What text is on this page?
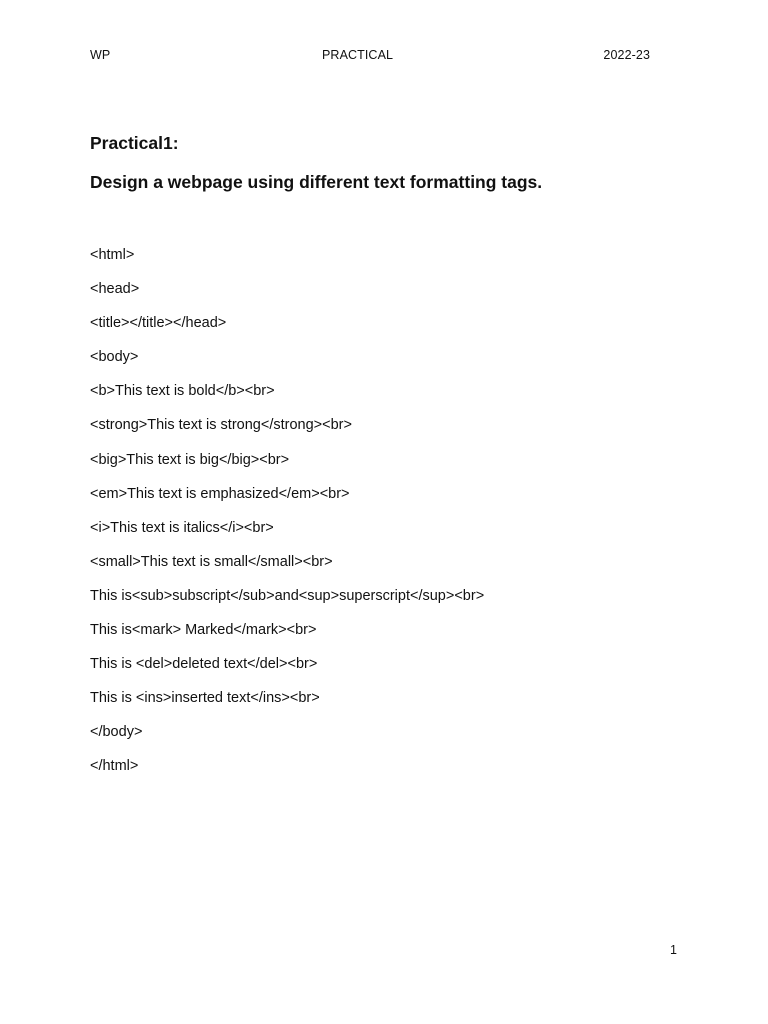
WP	PRACTICAL	2022-23
Practical1:
Design a webpage using different text formatting tags.
<html>
<head>
<title></title></head>
<body>
<b>This text is bold</b><br>
<strong>This text is strong</strong><br>
<big>This text is big</big><br>
<em>This text is emphasized</em><br>
<i>This text is italics</i><br>
<small>This text is small</small><br>
This is<sub>subscript</sub>and<sup>superscript</sup><br>
This is<mark> Marked</mark><br>
This is <del>deleted text</del><br>
This is <ins>inserted text</ins><br>
</body>
</html>
1
